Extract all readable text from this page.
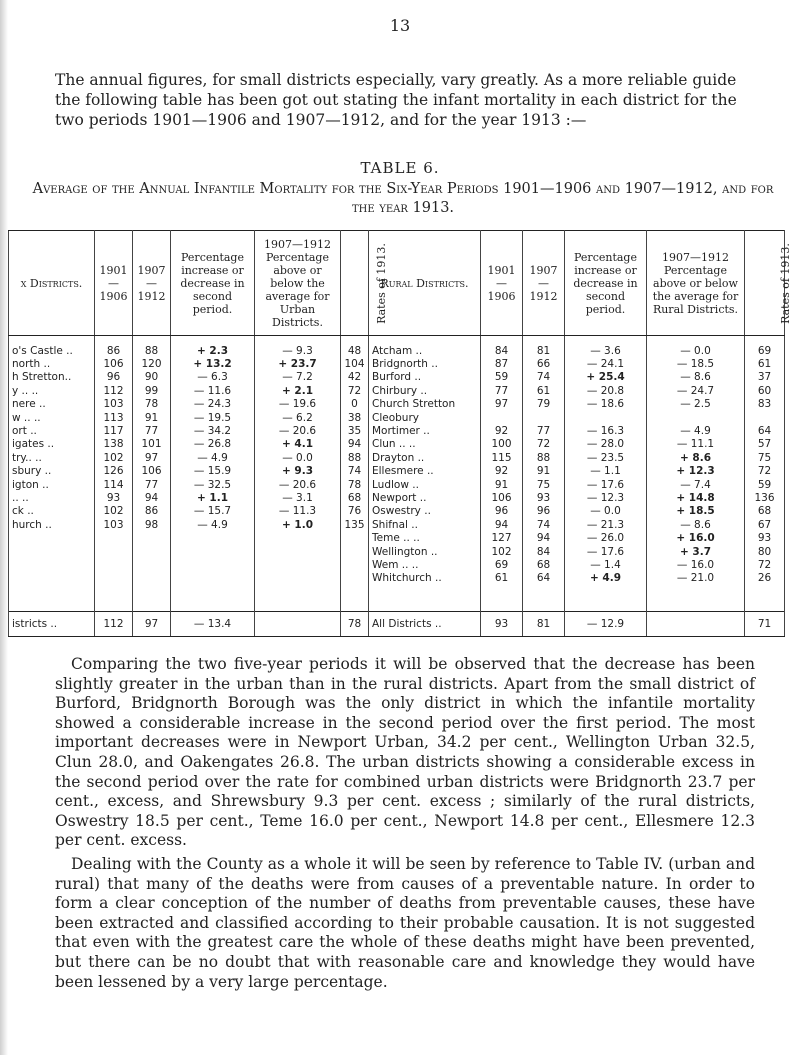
13
The annual figures, for small districts especially, vary greatly. As a more reliable guide the following table has been got out stating the infant mortality in each district for the two periods 1901—1906 and 1907—1912, and for the year 1913 :—
TABLE 6.
Average of the Annual Infantile Mortality for the Six-Year Periods 1901—1906 and 1907—1912, and for the year 1913.
x Districts.	1901— 1906	1907— 1912	Percentage increase or decrease in second period.	1907—1912 Percentage above or below the average for Urban Districts.	Rates of 1913.	Rural Districts.	1901— 1906	1907— 1912	Percentage increase or decrease in second period.	1907—1912 Percentage above or below the average for Rural Districts.	Rates of 1913.
o's Castle ..	86	88	+ 2.3	— 9.3	48	Atcham ..	84	81	— 3.6	— 0.0	69
north ..	106	120	+ 13.2	+ 23.7	104	Bridgnorth ..	87	66	— 24.1	— 18.5	61
h Stretton..	96	90	— 6.3	— 7.2	42	Burford ..	59	74	+ 25.4	— 8.6	37
y .. ..	112	99	— 11.6	+ 2.1	72	Chirbury ..	77	61	— 20.8	— 24.7	60
nere ..	103	78	— 24.3	— 19.6	0	Church Stretton	97	79	— 18.6	— 2.5	83
w .. ..	113	91	— 19.5	— 6.2	38	Cleobury					
ort ..	117	77	— 34.2	— 20.6	35	Mortimer ..	92	77	— 16.3	— 4.9	64
igates ..	138	101	— 26.8	+ 4.1	94	Clun .. ..	100	72	— 28.0	— 11.1	57
try.. ..	102	97	— 4.9	— 0.0	88	Drayton ..	115	88	— 23.5	+ 8.6	75
sbury ..	126	106	— 15.9	+ 9.3	74	Ellesmere ..	92	91	— 1.1	+ 12.3	72
igton ..	114	77	— 32.5	— 20.6	78	Ludlow ..	91	75	— 17.6	— 7.4	59
.. ..	93	94	+ 1.1	— 3.1	68	Newport ..	106	93	— 12.3	+ 14.8	136
ck ..	102	86	— 15.7	— 11.3	76	Oswestry ..	96	96	— 0.0	+ 18.5	68
hurch ..	103	98	— 4.9	+ 1.0	135	Shifnal ..	94	74	— 21.3	— 8.6	67
						Teme .. ..	127	94	— 26.0	+ 16.0	93
						Wellington ..	102	84	— 17.6	+ 3.7	80
						Wem .. ..	69	68	— 1.4	— 16.0	72
						Whitchurch ..	61	64	+ 4.9	— 21.0	26

istricts ..	112	97	— 13.4		78	All Districts ..	93	81	— 12.9		71
Comparing the two five-year periods it will be observed that the decrease has been slightly greater in the urban than in the rural districts. Apart from the small district of Burford, Bridgnorth Borough was the only district in which the infantile mortality showed a considerable increase in the second period over the first period. The most important decreases were in Newport Urban, 34.2 per cent., Wellington Urban 32.5, Clun 28.0, and Oakengates 26.8. The urban districts showing a considerable excess in the second period over the rate for combined urban districts were Bridgnorth 23.7 per cent., excess, and Shrewsbury 9.3 per cent. excess ; similarly of the rural districts, Oswestry 18.5 per cent., Teme 16.0 per cent., Newport 14.8 per cent., Ellesmere 12.3 per cent. excess.
Dealing with the County as a whole it will be seen by reference to Table IV. (urban and rural) that many of the deaths were from causes of a preventable nature. In order to form a clear conception of the number of deaths from preventable causes, these have been extracted and classified according to their probable causation. It is not suggested that even with the greatest care the whole of these deaths might have been prevented, but there can be no doubt that with reasonable care and knowledge they would have been lessened by a very large percentage.
